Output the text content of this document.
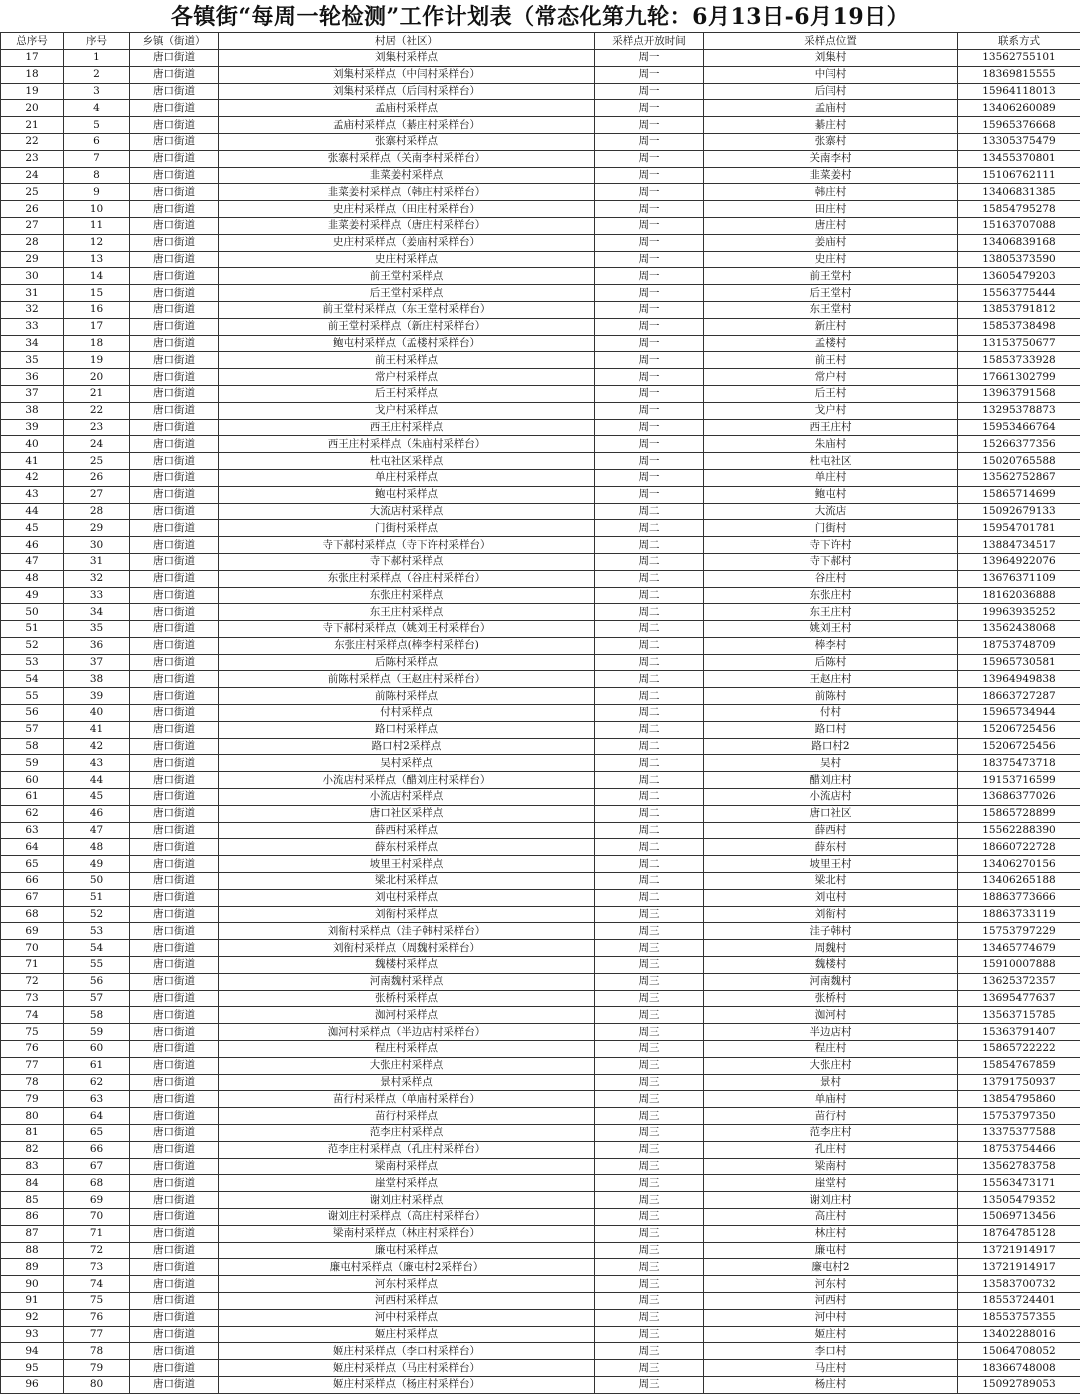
各镇街“每周一轮检测”工作计划表（常态化第九轮：6月13日-6月19日）
总序号	序号	乡镇（街道）	村居（社区）	采样点开放时间	采样点位置	联系方式
17	1	唐口街道	刘集村采样点	周一	刘集村	13562755101
18	2	唐口街道	刘集村采样点（中闫村采样台）	周一	中闫村	18369815555
19	3	唐口街道	刘集村采样点（后闫村采样台）	周一	后闫村	15964118013
20	4	唐口街道	孟庙村采样点	周一	孟庙村	13406260089
21	5	唐口街道	孟庙村采样点（綦庄村采样台）	周一	綦庄村	15965376668
22	6	唐口街道	张寨村采样点	周一	张寨村	13305375479
23	7	唐口街道	张寨村采样点（关南李村采样台）	周一	关南李村	13455370801
24	8	唐口街道	韭菜姜村采样点	周一	韭菜姜村	15106762111
25	9	唐口街道	韭菜姜村采样点（韩庄村采样台）	周一	韩庄村	13406831385
26	10	唐口街道	史庄村采样点（田庄村采样台）	周一	田庄村	15854795278
27	11	唐口街道	韭菜姜村采样点（唐庄村采样台）	周一	唐庄村	15163707088
28	12	唐口街道	史庄村采样点（姜庙村采样台）	周一	姜庙村	13406839168
29	13	唐口街道	史庄村采样点	周一	史庄村	13805373590
30	14	唐口街道	前王堂村采样点	周一	前王堂村	13605479203
31	15	唐口街道	后王堂村采样点	周一	后王堂村	15563775444
32	16	唐口街道	前王堂村采样点（东王堂村采样台）	周一	东王堂村	13853791812
33	17	唐口街道	前王堂村采样点（新庄村采样台）	周一	新庄村	15853738498
34	18	唐口街道	鲍屯村采样点（孟楼村采样台）	周一	孟楼村	13153750677
35	19	唐口街道	前王村采样点	周一	前王村	15853733928
36	20	唐口街道	常户村采样点	周一	常户村	17661302799
37	21	唐口街道	后王村采样点	周一	后王村	13963791568
38	22	唐口街道	戈户村采样点	周一	戈户村	13295378873
39	23	唐口街道	西王庄村采样点	周一	西王庄村	15953466764
40	24	唐口街道	西王庄村采样点（朱庙村采样台）	周一	朱庙村	15266377356
41	25	唐口街道	杜屯社区采样点	周一	杜屯社区	15020765588
42	26	唐口街道	单庄村采样点	周一	单庄村	13562752867
43	27	唐口街道	鲍屯村采样点	周一	鲍屯村	15865714699
44	28	唐口街道	大流店村采样点	周二	大流店	15092679133
45	29	唐口街道	门街村采样点	周二	门街村	15954701781
46	30	唐口街道	寺下郝村采样点（寺下许村采样台）	周二	寺下许村	13884734517
47	31	唐口街道	寺下郝村采样点	周二	寺下郝村	13964922076
48	32	唐口街道	东张庄村采样点（谷庄村采样台）	周二	谷庄村	13676371109
49	33	唐口街道	东张庄村采样点	周二	东张庄村	18162036888
50	34	唐口街道	东王庄村采样点	周二	东王庄村	19963935252
51	35	唐口街道	寺下郝村采样点（姚刘王村采样台）	周二	姚刘王村	13562438068
52	36	唐口街道	东张庄村采样点(棒李村采样台)	周二	棒李村	18753748709
53	37	唐口街道	后陈村采样点	周二	后陈村	15965730581
54	38	唐口街道	前陈村采样点（王赵庄村采样台）	周二	王赵庄村	13964949838
55	39	唐口街道	前陈村采样点	周二	前陈村	18663727287
56	40	唐口街道	付村采样点	周二	付村	15965734944
57	41	唐口街道	路口村采样点	周二	路口村	15206725456
58	42	唐口街道	路口村2采样点	周二	路口村2	15206725456
59	43	唐口街道	吴村采样点	周二	吴村	18375473718
60	44	唐口街道	小流店村采样点（醋刘庄村采样台）	周二	醋刘庄村	19153716599
61	45	唐口街道	小流店村采样点	周二	小流店村	13686377026
62	46	唐口街道	唐口社区采样点	周二	唐口社区	15865728899
63	47	唐口街道	薛西村采样点	周二	薛西村	15562288390
64	48	唐口街道	薛东村采样点	周二	薛东村	18660722728
65	49	唐口街道	坡里王村采样点	周二	坡里王村	13406270156
66	50	唐口街道	梁北村采样点	周二	梁北村	13406265188
67	51	唐口街道	刘屯村采样点	周二	刘屯村	18863773666
68	52	唐口街道	刘衔村采样点	周三	刘衔村	18863733119
69	53	唐口街道	刘衔村采样点（洼子韩村采样台）	周三	洼子韩村	15753797229
70	54	唐口街道	刘衔村采样点（周魏村采样台）	周三	周魏村	13465774679
71	55	唐口街道	魏楼村采样点	周三	魏楼村	15910007888
72	56	唐口街道	河南魏村采样点	周三	河南魏村	13625372357
73	57	唐口街道	张桥村采样点	周三	张桥村	13695477637
74	58	唐口街道	洳河村采样点	周三	洳河村	13563715785
75	59	唐口街道	洳河村采样点（半边店村采样台）	周三	半边店村	15363791407
76	60	唐口街道	程庄村采样点	周三	程庄村	15865722222
77	61	唐口街道	大张庄村采样点	周三	大张庄村	15854767859
78	62	唐口街道	景村采样点	周三	景村	13791750937
79	63	唐口街道	苗行村采样点（单庙村采样台）	周三	单庙村	13854795860
80	64	唐口街道	苗行村采样点	周三	苗行村	15753797350
81	65	唐口街道	范李庄村采样点	周三	范李庄村	13375377588
82	66	唐口街道	范李庄村采样点（孔庄村采样台）	周三	孔庄村	18753754466
83	67	唐口街道	梁南村采样点	周三	梁南村	13562783758
84	68	唐口街道	崖堂村采样点	周三	崖堂村	15563473171
85	69	唐口街道	谢刘庄村采样点	周三	谢刘庄村	13505479352
86	70	唐口街道	谢刘庄村采样点（高庄村采样台）	周三	高庄村	15069713456
87	71	唐口街道	梁南村采样点（林庄村采样台）	周三	林庄村	18764785128
88	72	唐口街道	廉屯村采样点	周三	廉屯村	13721914917
89	73	唐口街道	廉屯村采样点（廉屯村2采样台）	周三	廉屯村2	13721914917
90	74	唐口街道	河东村采样点	周三	河东村	13583700732
91	75	唐口街道	河西村采样点	周三	河西村	18553724401
92	76	唐口街道	河中村采样点	周三	河中村	18553757355
93	77	唐口街道	姬庄村采样点	周三	姬庄村	13402288016
94	78	唐口街道	姬庄村采样点（李口村采样台）	周三	李口村	15064708052
95	79	唐口街道	姬庄村采样点（马庄村采样台）	周三	马庄村	18366748008
96	80	唐口街道	姬庄村采样点（杨庄村采样台）	周三	杨庄村	15092789053
